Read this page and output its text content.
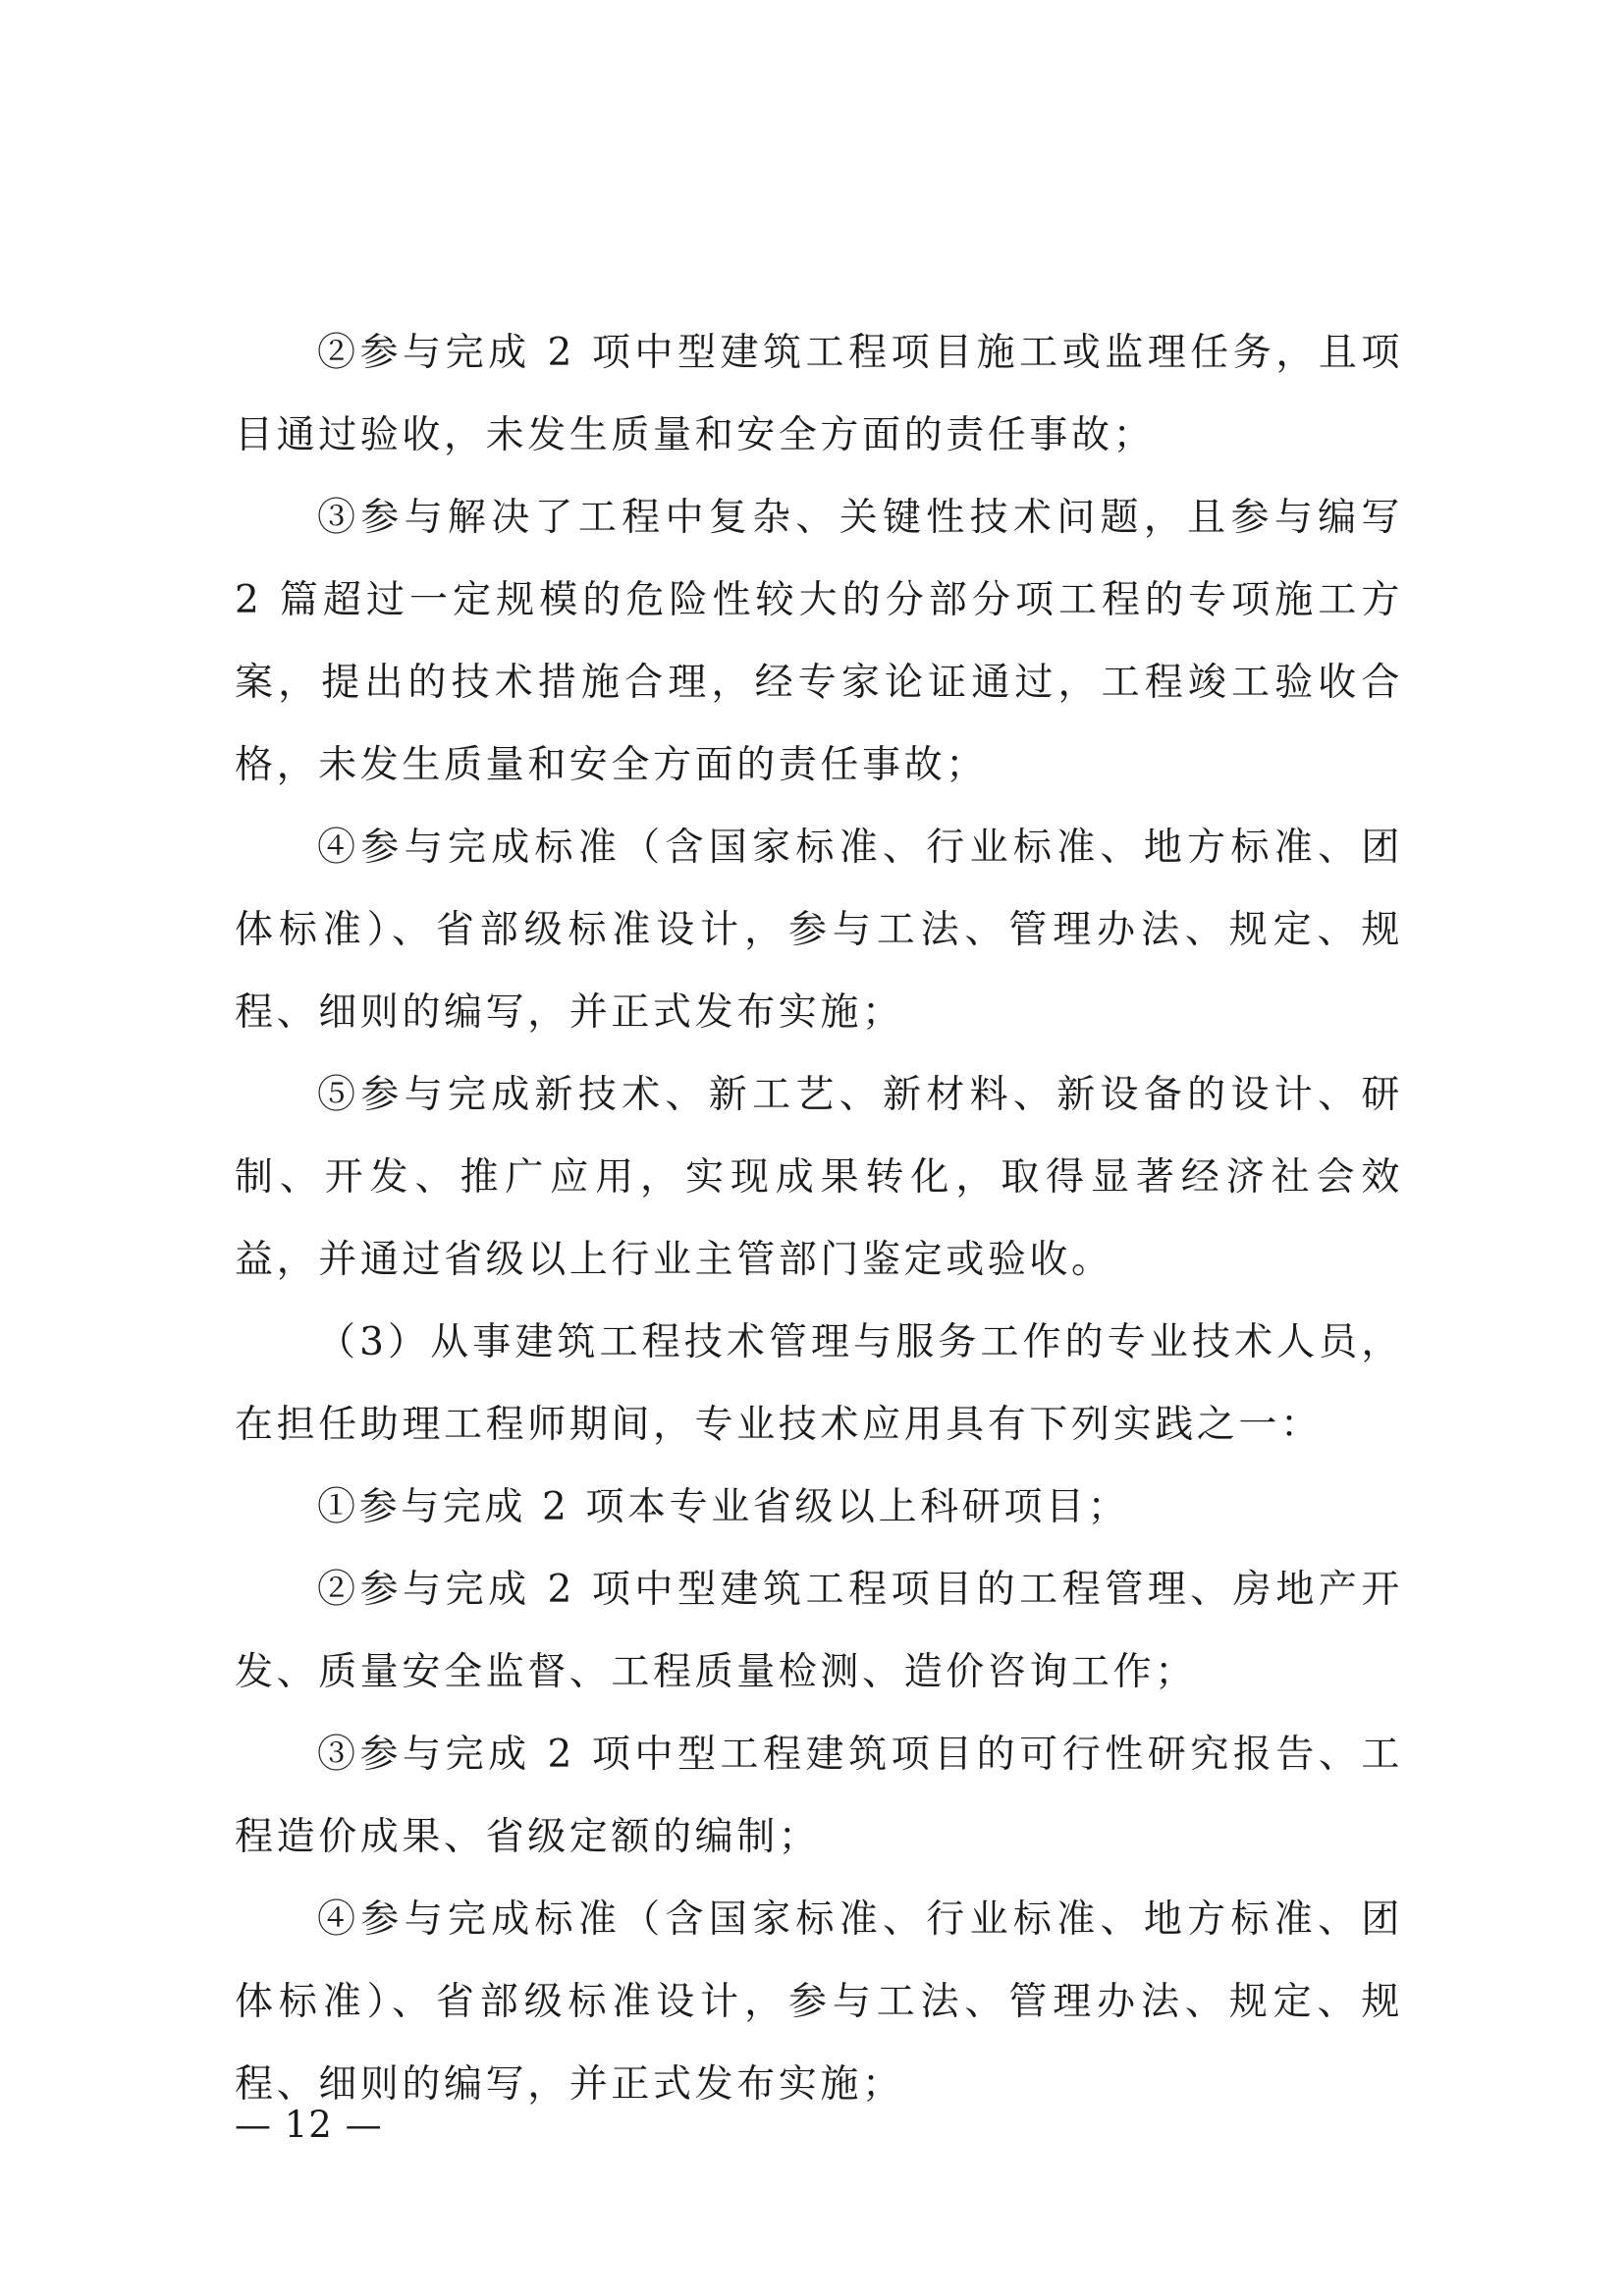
②参与完成 2 项中型建筑工程项目施工或监理任务，且项目通过验收，未发生质量和安全方面的责任事故；

③参与解决了工程中复杂、关键性技术问题，且参与编写 2 篇超过一定规模的危险性较大的分部分项工程的专项施工方案，提出的技术措施合理，经专家论证通过，工程竣工验收合格，未发生质量和安全方面的责任事故；

④参与完成标准（含国家标准、行业标准、地方标准、团体标准）、省部级标准设计，参与工法、管理办法、规定、规程、细则的编写，并正式发布实施；

⑤参与完成新技术、新工艺、新材料、新设备的设计、研制、开发、推广应用，实现成果转化，取得显著经济社会效益，并通过省级以上行业主管部门鉴定或验收。

（3）从事建筑工程技术管理与服务工作的专业技术人员，在担任助理工程师期间，专业技术应用具有下列实践之一：

①参与完成 2 项本专业省级以上科研项目；

②参与完成 2 项中型建筑工程项目的工程管理、房地产开发、质量安全监督、工程质量检测、造价咨询工作；

③参与完成 2 项中型工程建筑项目的可行性研究报告、工程造价成果、省级定额的编制；

④参与完成标准（含国家标准、行业标准、地方标准、团体标准）、省部级标准设计，参与工法、管理办法、规定、规程、细则的编写，并正式发布实施；

— 12 —
